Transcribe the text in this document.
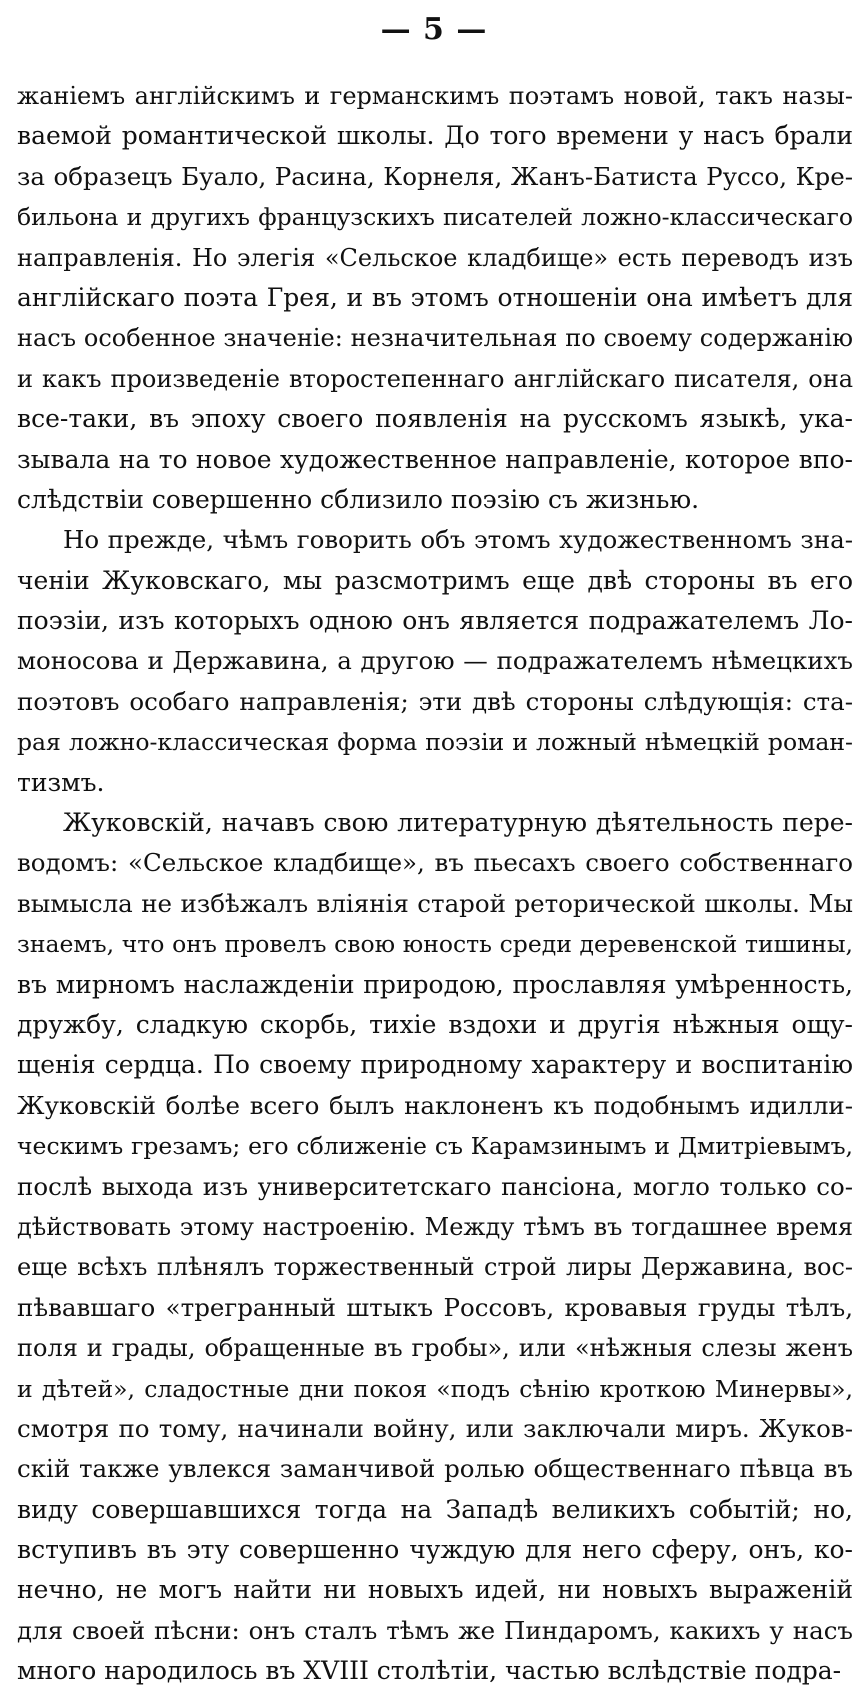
— 5 —
жанiемъ англiйскимъ и германскимъ поэтамъ новой, такъ назы-
ваемой романтической школы. До того времени у насъ брали
за образецъ Буало, Расина, Корнеля, Жанъ-Батиста Руссо, Кре-
бильона и другихъ французскихъ писателей ложно-классическаго
направленiя. Но элегiя «Сельское кладбище» есть переводъ изъ
англiйскаго поэта Грея, и въ этомъ отношенiи она имѣетъ для
насъ особенное значенiе: незначительная по своему содержанiю
и какъ произведенiе второстепеннаго англiйскаго писателя, она
все-таки, въ эпоху своего появленiя на русскомъ языкѣ, ука-
зывала на то новое художественное направленiе, которое впо-
слѣдствiи совершенно сблизило поэзiю съ жизнью.
Но прежде, чѣмъ говорить объ этомъ художественномъ зна-
ченiи Жуковскаго, мы разсмотримъ еще двѣ стороны въ его
поэзiи, изъ которыхъ одною онъ является подражателемъ Ло-
моносова и Державина, а другою — подражателемъ нѣмецкихъ
поэтовъ особаго направленiя; эти двѣ стороны слѣдующiя: ста-
рая ложно-классическая форма поэзiи и ложный нѣмецкiй роман-
тизмъ.
Жуковскiй, начавъ свою литературную дѣятельность пере-
водомъ: «Сельское кладбище», въ пьесахъ своего собственнаго
вымысла не избѣжалъ влiянiя старой реторической школы. Мы
знаемъ, что онъ провелъ свою юность среди деревенской тишины,
въ мирномъ наслажденiи природою, прославляя умѣренность,
дружбу, сладкую скорбь, тихiе вздохи и другiя нѣжныя ощу-
щенiя сердца. По своему природному характеру и воспитанiю
Жуковскiй болѣе всего былъ наклоненъ къ подобнымъ идилли-
ческимъ грезамъ; его сближенiе съ Карамзинымъ и Дмитрiевымъ,
послѣ выхода изъ университетскаго пансiона, могло только со-
дѣйствовать этому настроенiю. Между тѣмъ въ тогдашнее время
еще всѣхъ плѣнялъ торжественный строй лиры Державина, вос-
пѣвавшаго «трегранный штыкъ Россовъ, кровавыя груды тѣлъ,
поля и грады, обращенные въ гробы», или «нѣжныя слезы женъ
и дѣтей», сладостные дни покоя «подъ сѣнiю кроткою Минервы»,
смотря по тому, начинали войну, или заключали миръ. Жуков-
скiй также увлекся заманчивой ролью общественнаго пѣвца въ
виду совершавшихся тогда на Западѣ великихъ событiй; но,
вступивъ въ эту совершенно чуждую для него сферу, онъ, ко-
нечно, не могъ найти ни новыхъ идей, ни новыхъ выраженiй
для своей пѣсни: онъ сталъ тѣмъ же Пиндаромъ, какихъ у насъ
много народилось въ XVIII столѣтiи, частью вслѣдствiе подра-
